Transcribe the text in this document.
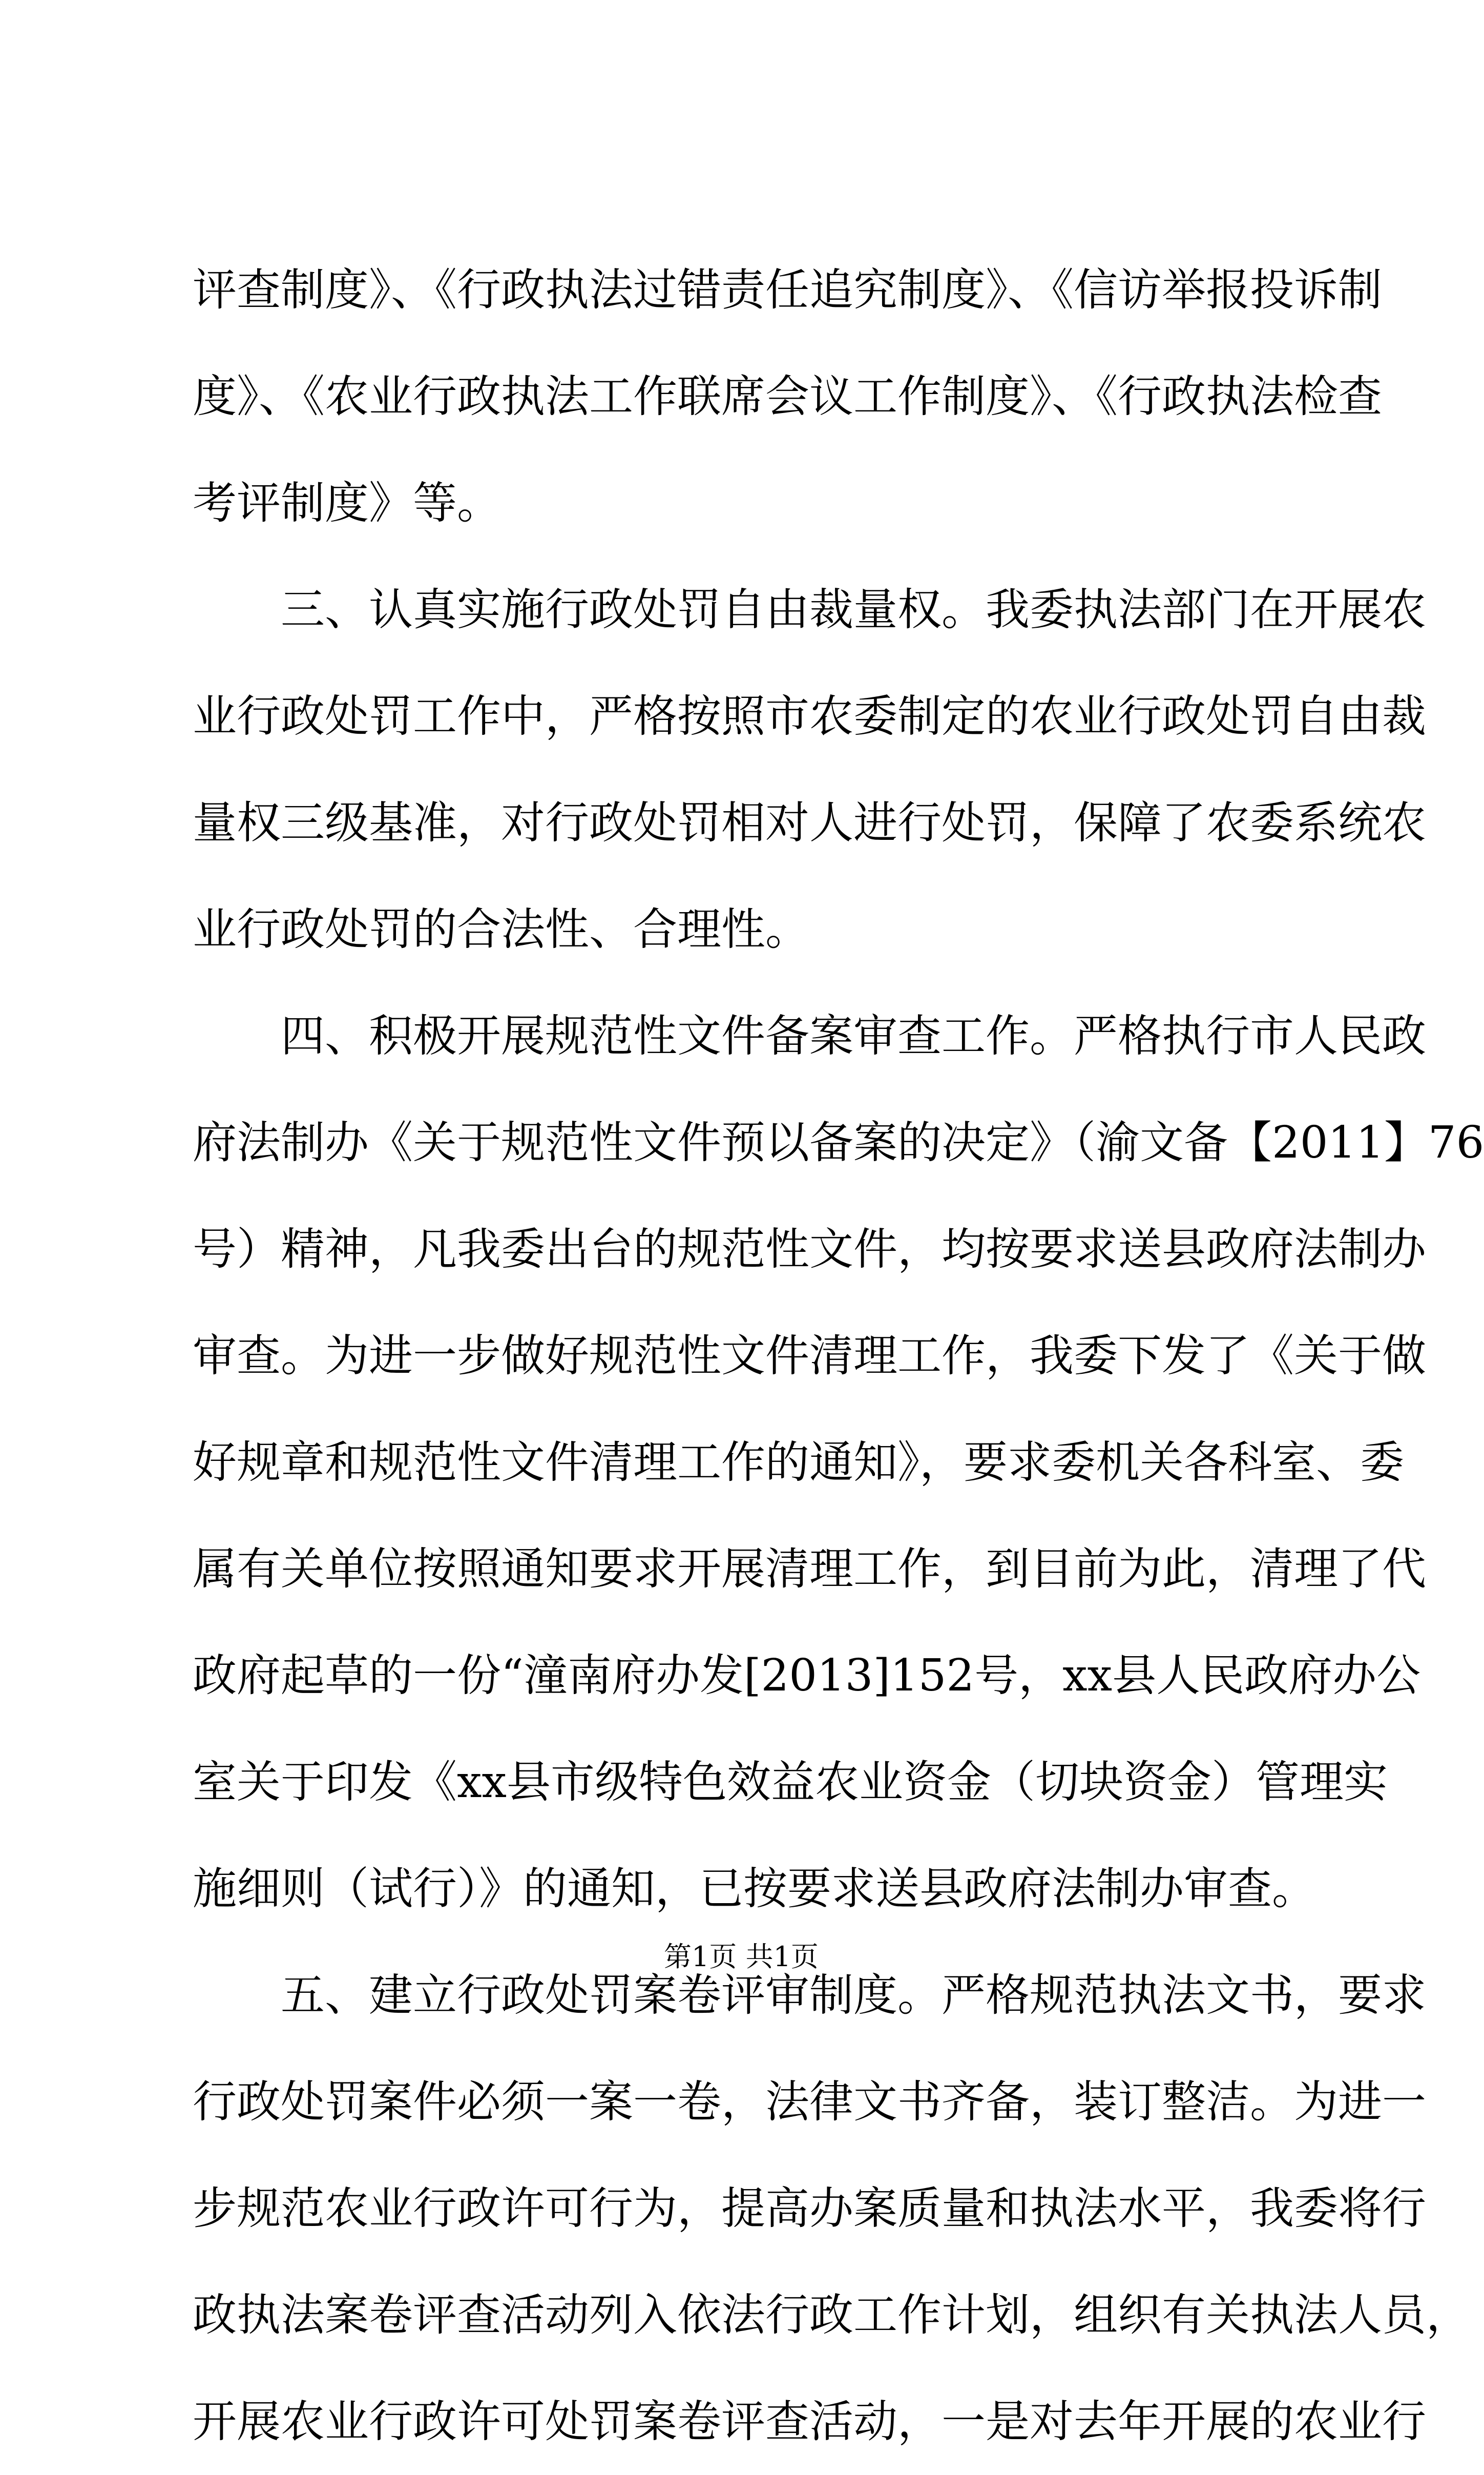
评查制度》、《行政执法过错责任追究制度》、《信访举报投诉制
度》、《农业行政执法工作联席会议工作制度》、《行政执法检查
考评制度》等。
三、认真实施行政处罚自由裁量权。我委执法部门在开展农
业行政处罚工作中，严格按照市农委制定的农业行政处罚自由裁
量权三级基准，对行政处罚相对人进行处罚，保障了农委系统农
业行政处罚的合法性、合理性。
四、积极开展规范性文件备案审查工作。严格执行市人民政
府法制办《关于规范性文件预以备案的决定》（渝文备【2011】76
号）精神，凡我委出台的规范性文件，均按要求送县政府法制办
审查。为进一步做好规范性文件清理工作，我委下发了《关于做
好规章和规范性文件清理工作的通知》，要求委机关各科室、委
属有关单位按照通知要求开展清理工作，到目前为此，清理了代
政府起草的一份“潼南府办发[2013]152号，xx县人民政府办公
室关于印发《xx县市级特色效益农业资金（切块资金）管理实
施细则（试行）》的通知，已按要求送县政府法制办审查。
五、建立行政处罚案卷评审制度。严格规范执法文书，要求
行政处罚案件必须一案一卷，法律文书齐备，装订整洁。为进一
步规范农业行政许可行为，提高办案质量和执法水平，我委将行
政执法案卷评查活动列入依法行政工作计划，组织有关执法人员，
开展农业行政许可处罚案卷评查活动，一是对去年开展的农业行
第1页 共1页
